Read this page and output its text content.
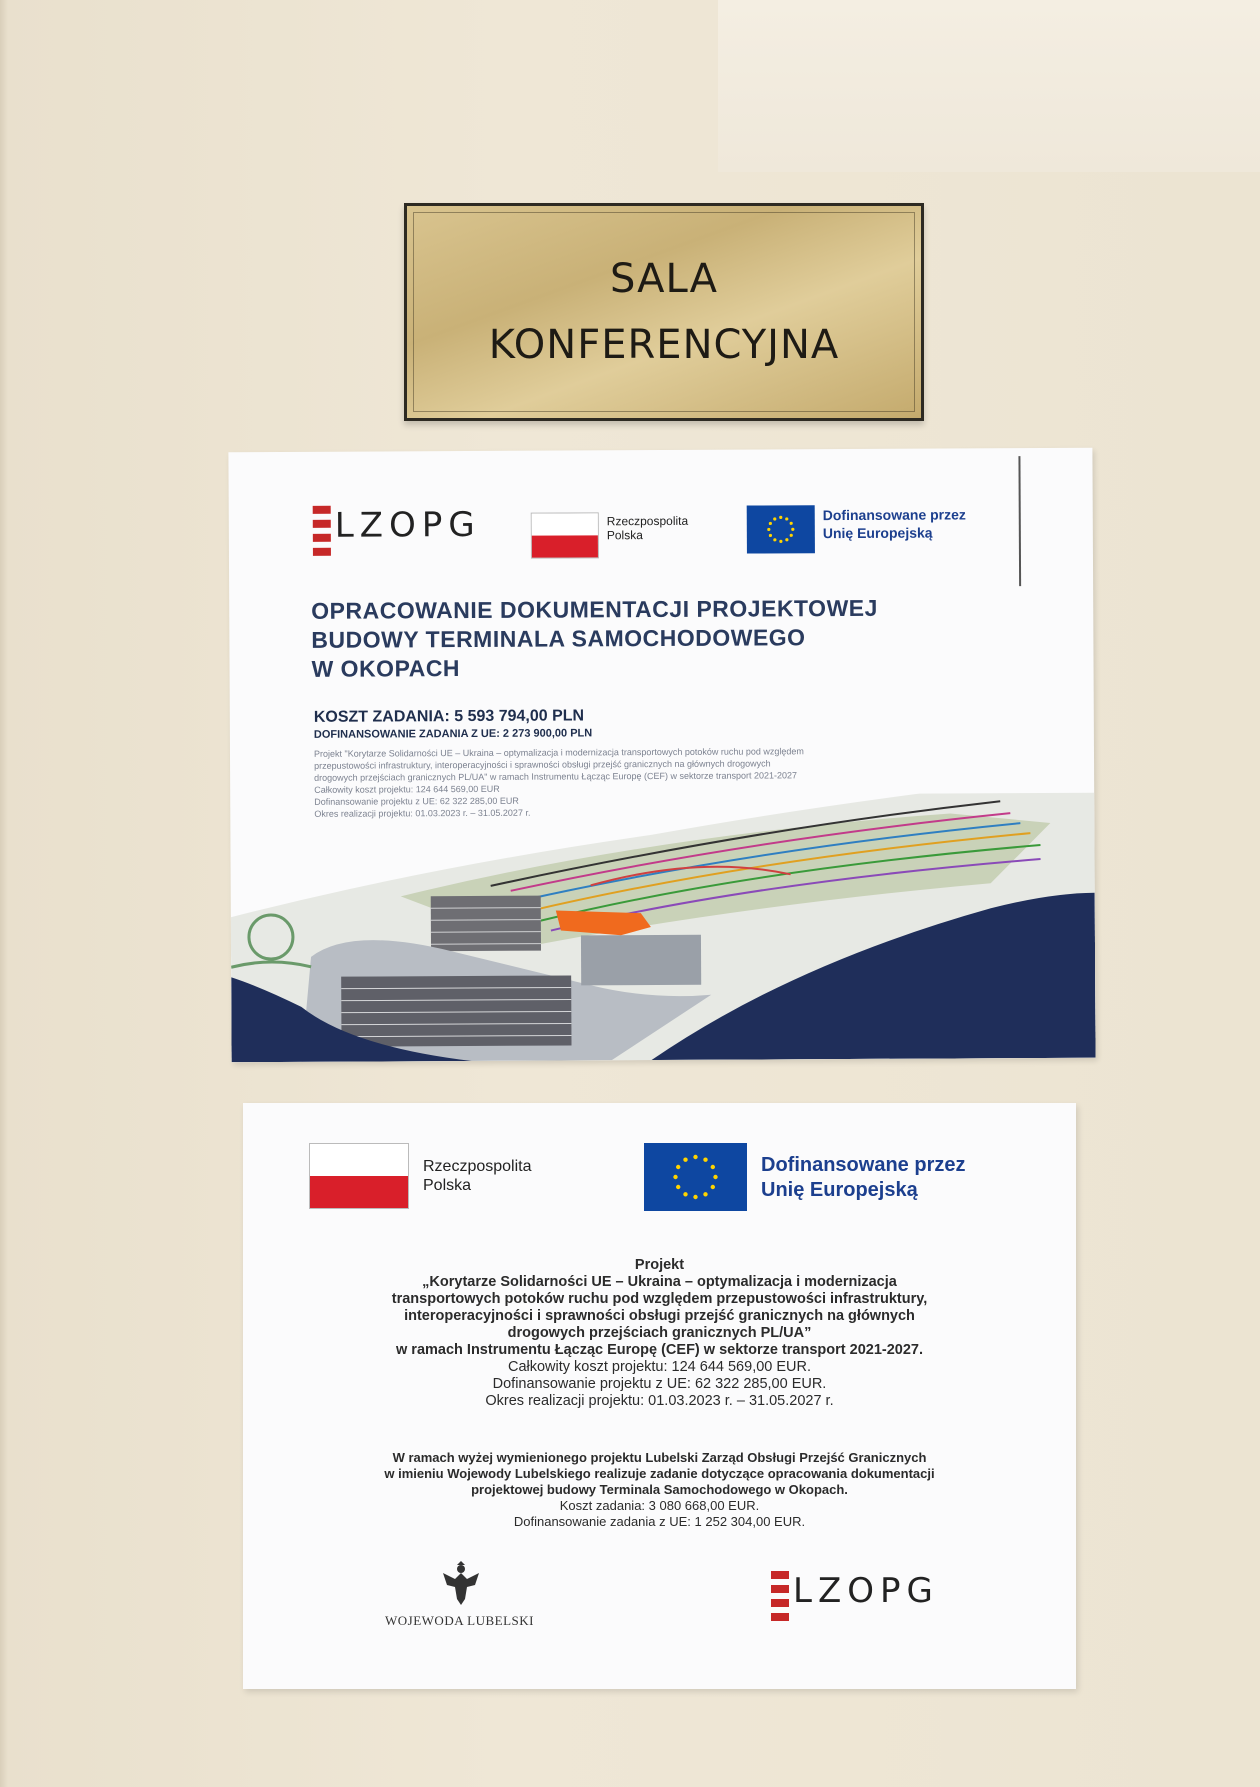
SALA
KONFERENCYJNA
LZOPG	Rzeczpospolita
Polska
Dofinansowane przez
Unię Europejską
OPRACOWANIE DOKUMENTACJI PROJEKTOWEJ
BUDOWY TERMINALA SAMOCHODOWEGO
W OKOPACH
KOSZT ZADANIA: 5 593 794,00 PLN
DOFINANSOWANIE ZADANIA Z UE: 2 273 900,00 PLN
Projekt "Korytarze Solidarności UE – Ukraina – optymalizacja i modernizacja transportowych potoków ruchu pod względem
przepustowości infrastruktury, interoperacyjności i sprawności obsługi przejść granicznych na głównych drogowych
drogowych przejściach granicznych PL/UA" w ramach Instrumentu Łącząc Europę (CEF) w sektorze transport 2021-2027
Całkowity koszt projektu: 124 644 569,00 EUR
Dofinansowanie projektu z UE: 62 322 285,00 EUR
Okres realizacji projektu: 01.03.2023 r. – 31.05.2027 r.
Rzeczpospolita
Polska
Dofinansowane przez
Unię Europejską
Projekt
„Korytarze Solidarności UE – Ukraina – optymalizacja i modernizacja
transportowych potoków ruchu pod względem przepustowości infrastruktury,
interoperacyjności i sprawności obsługi przejść granicznych na głównych
drogowych przejściach granicznych PL/UA”
w ramach Instrumentu Łącząc Europę (CEF) w sektorze transport 2021-2027.
Całkowity koszt projektu: 124 644 569,00 EUR.
Dofinansowanie projektu z UE: 62 322 285,00 EUR.
Okres realizacji projektu: 01.03.2023 r. – 31.05.2027 r.
W ramach wyżej wymienionego projektu Lubelski Zarząd Obsługi Przejść Granicznych
w imieniu Wojewody Lubelskiego realizuje zadanie dotyczące opracowania dokumentacji
projektowej budowy Terminala Samochodowego w Okopach.
Koszt zadania: 3 080 668,00 EUR.
Dofinansowanie zadania z UE: 1 252 304,00 EUR.
WOJEWODA LUBELSKI
LZOPG
